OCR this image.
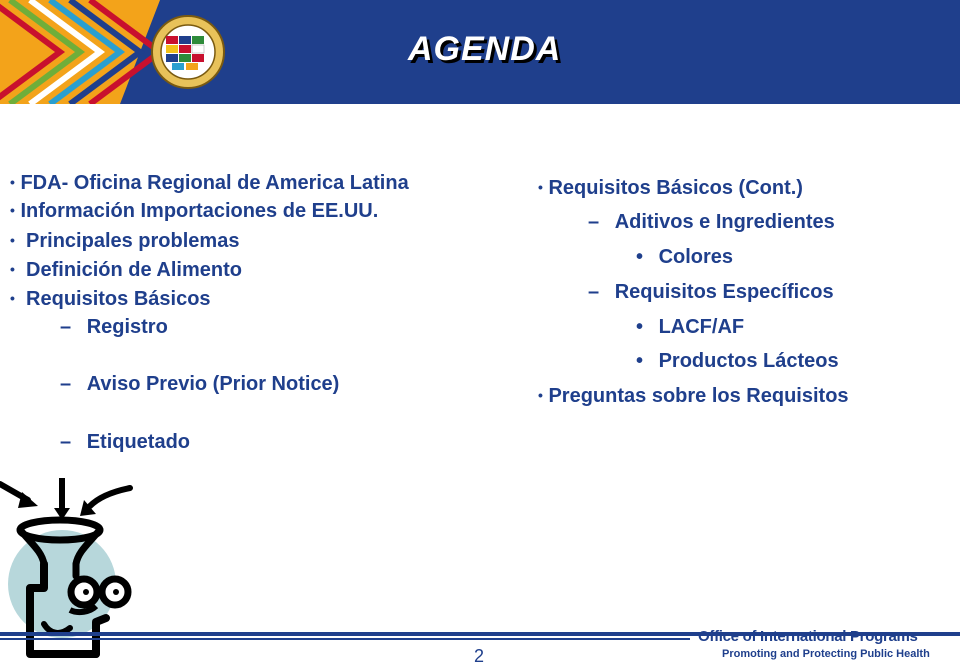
AGENDA
• FDA- Oficina Regional de America Latina
• Información Importaciones de EE.UU.
• Principales problemas
• Definición de Alimento
• Requisitos Básicos
– Registro
– Aviso Previo (Prior Notice)
– Etiquetado
• Requisitos Básicos (Cont.)
– Aditivos e Ingredientes
• Colores
– Requisitos Específicos
• LACF/AF
• Productos Lácteos
• Preguntas sobre los Requisitos
2
Office of International Programs
Promoting and Protecting Public Health
